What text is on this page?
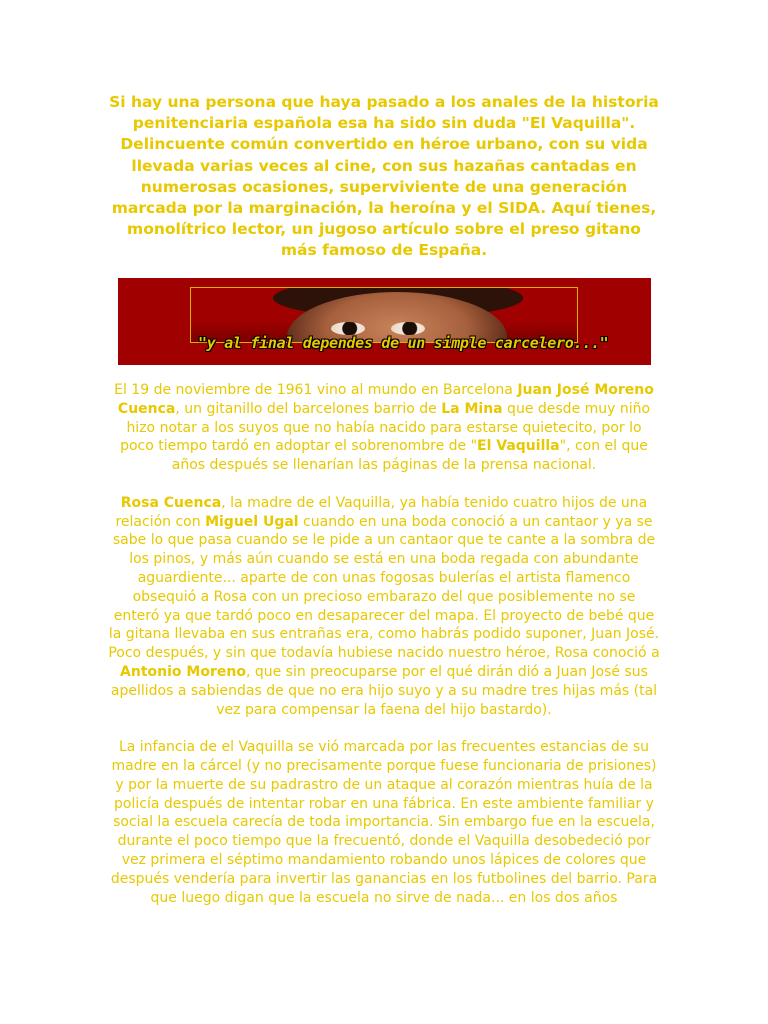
Si hay una persona que haya pasado a los anales de la historia penitenciaria española esa ha sido sin duda "El Vaquilla". Delincuente común convertido en héroe urbano, con su vida llevada varias veces al cine, con sus hazañas cantadas en numerosas ocasiones, superviviente de una generación marcada por la marginación, la heroína y el SIDA. Aquí tienes, monolítrico lector, un jugoso artículo sobre el preso gitano más famoso de España.
"y al final dependes de un simple carcelero..."

El 19 de noviembre de 1961 vino al mundo en Barcelona Juan José Moreno Cuenca, un gitanillo del barcelones barrio de La Mina que desde muy niño hizo notar a los suyos que no había nacido para estarse quietecito, por lo poco tiempo tardó en adoptar el sobrenombre de "El Vaquilla", con el que años después se llenarían las páginas de la prensa nacional.

Rosa Cuenca, la madre de el Vaquilla, ya había tenido cuatro hijos de una relación con Miguel Ugal cuando en una boda conoció a un cantaor y ya se sabe lo que pasa cuando se le pide a un cantaor que te cante a la sombra de los pinos, y más aún cuando se está en una boda regada con abundante aguardiente... aparte de con unas fogosas bulerías el artista flamenco obsequió a Rosa con un precioso embarazo del que posiblemente no se enteró ya que tardó poco en desaparecer del mapa. El proyecto de bebé que la gitana llevaba en sus entrañas era, como habrás podido suponer, Juan José. Poco después, y sin que todavía hubiese nacido nuestro héroe, Rosa conoció a Antonio Moreno, que sin preocuparse por el qué dirán dió a Juan José sus apellidos a sabiendas de que no era hijo suyo y a su madre tres hijas más (tal vez para compensar la faena del hijo bastardo).

La infancia de el Vaquilla se vió marcada por las frecuentes estancias de su madre en la cárcel (y no precisamente porque fuese funcionaria de prisiones) y por la muerte de su padrastro de un ataque al corazón mientras huía de la policía después de intentar robar en una fábrica. En este ambiente familiar y social la escuela carecía de toda importancia. Sin embargo fue en la escuela, durante el poco tiempo que la frecuentó, donde el Vaquilla desobedeció por vez primera el séptimo mandamiento robando unos lápices de colores que después vendería para invertir las ganancias en los futbolines del barrio. Para que luego digan que la escuela no sirve de nada... en los dos años
